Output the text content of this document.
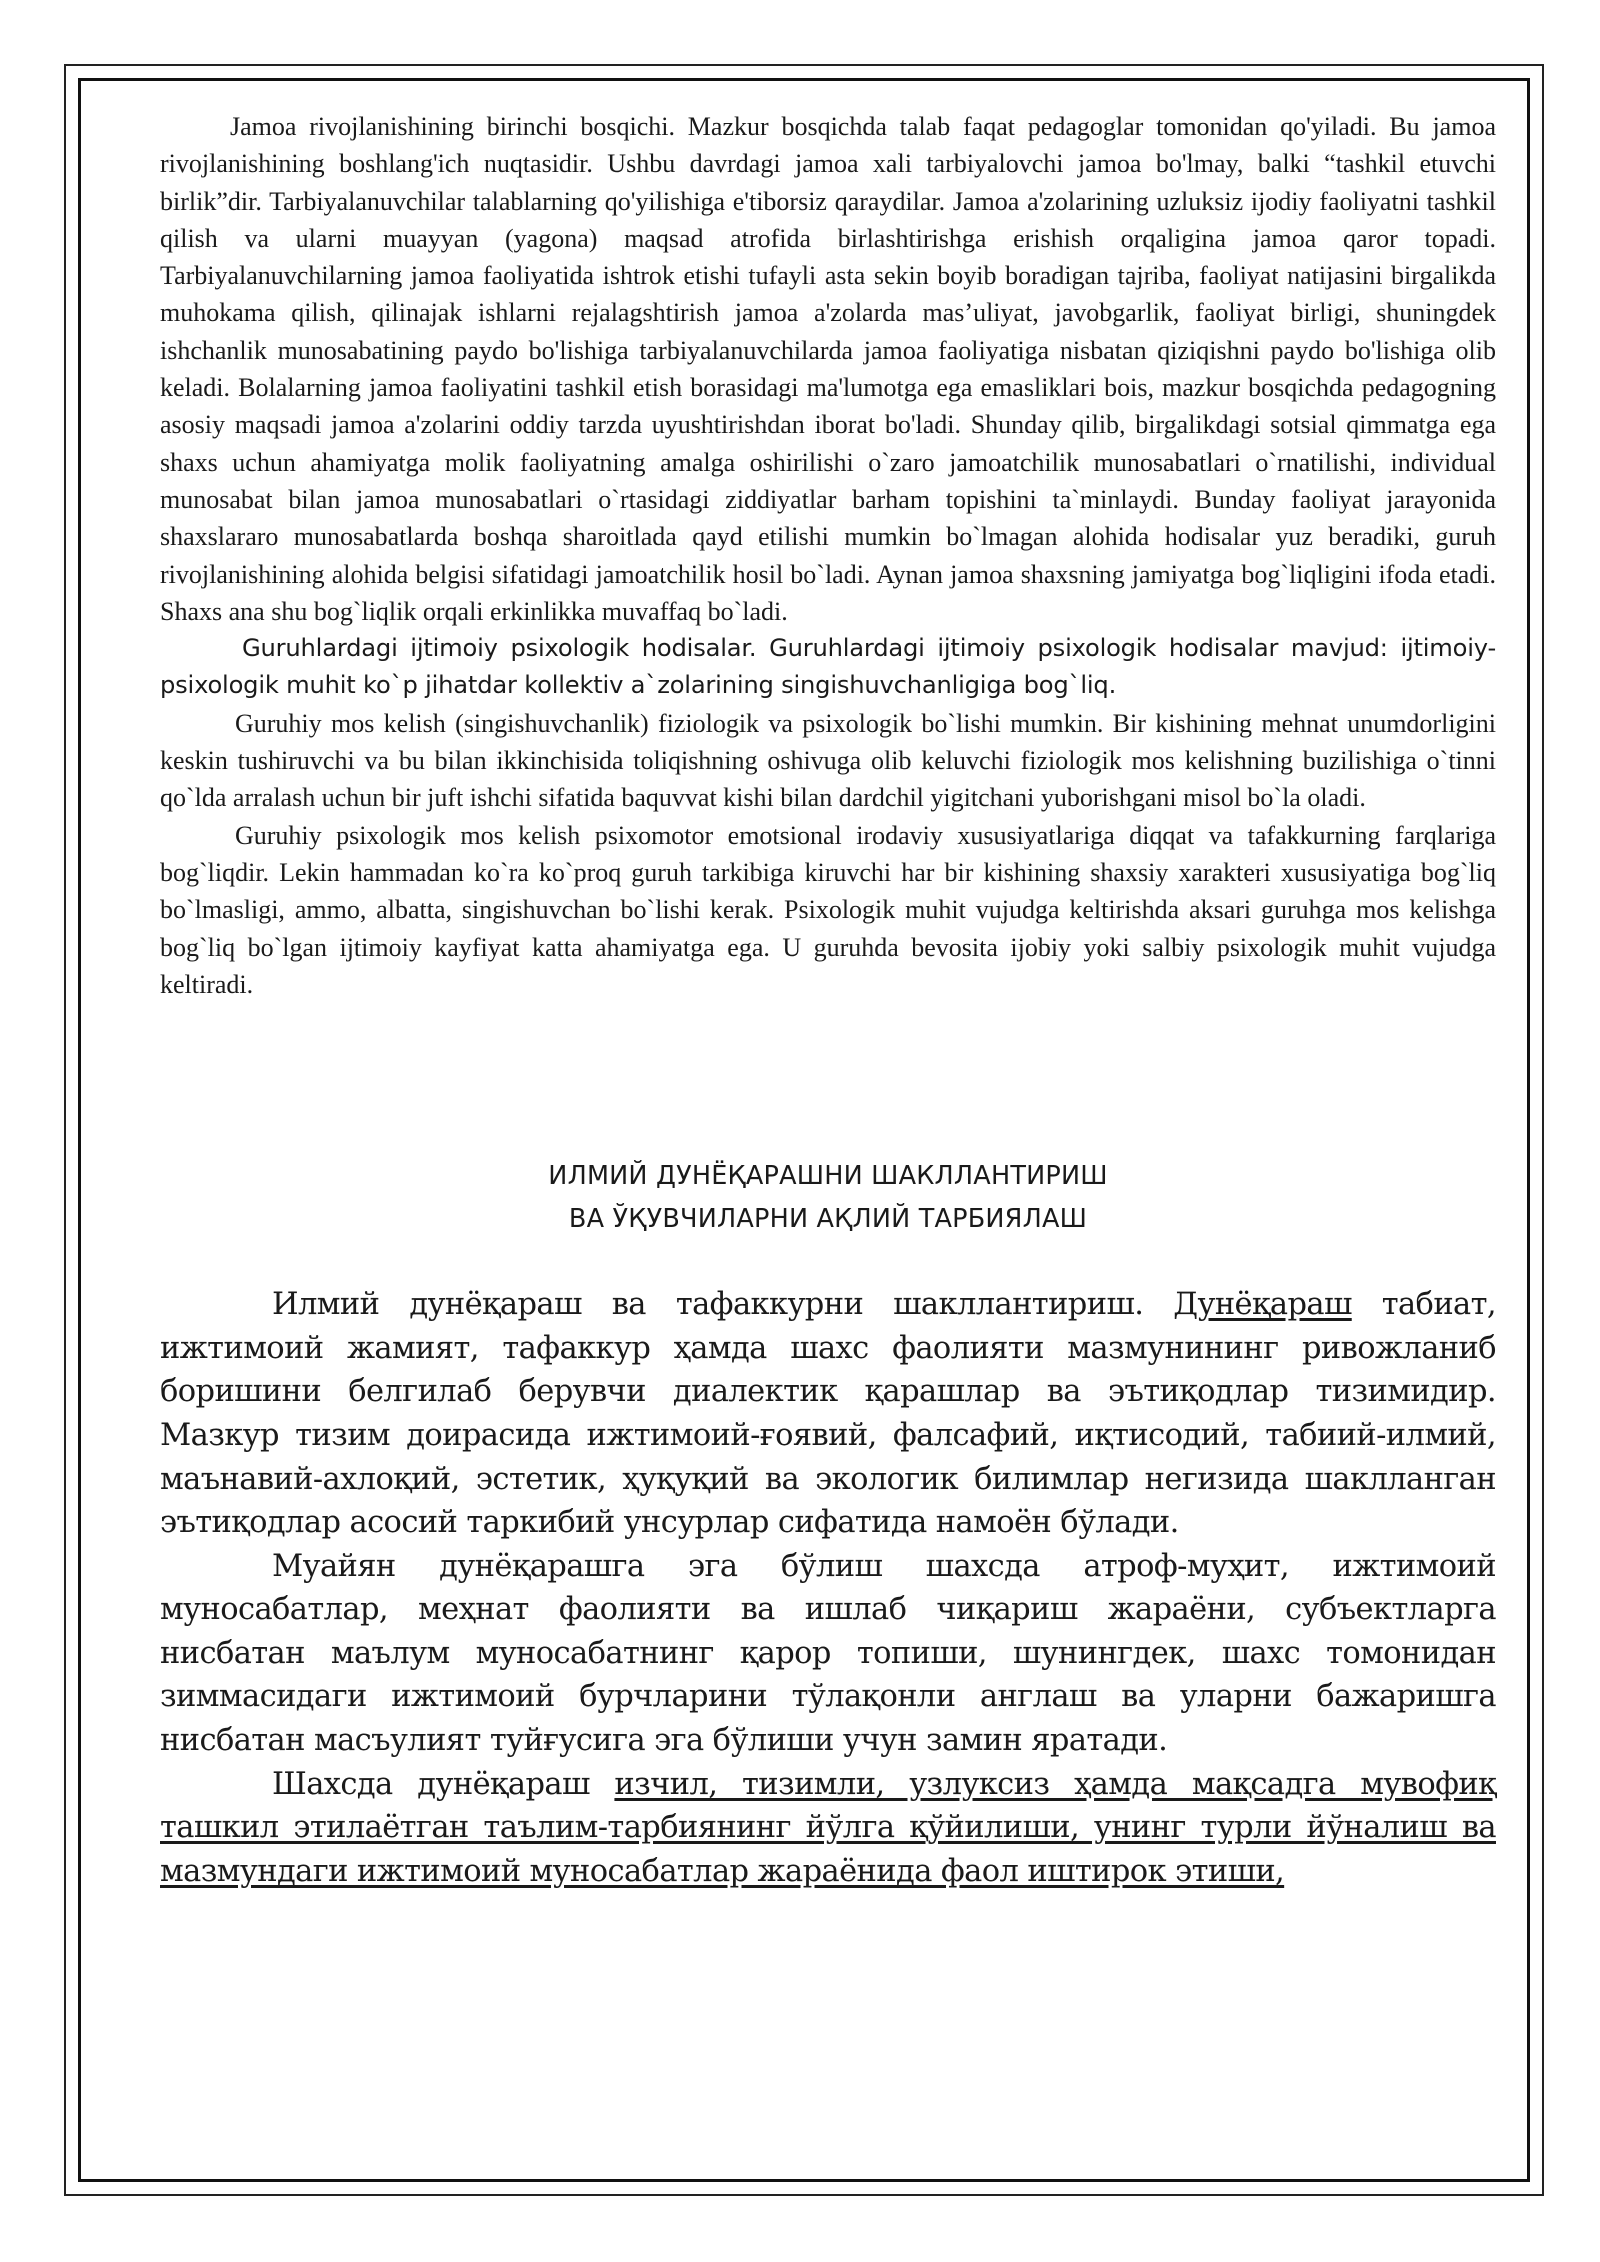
Jamoa rivojlanishining birinchi bosqichi. Mazkur bosqichda talab faqat pedagoglar tomonidan qo'yiladi. Bu jamoa rivojlanishining boshlang'ich nuqtasidir. Ushbu davrdagi jamoa xali tarbiyalovchi jamoa bo'lmay, balki “tashkil etuvchi birlik”dir. Tarbiyalanuvchilar talablarning qo'yilishiga e'tiborsiz qaraydilar. Jamoa a'zolarining uzluksiz ijodiy faoliyatni tashkil qilish va ularni muayyan (yagona) maqsad atrofida birlashtirishga erishish orqaligina jamoa qaror topadi. Tarbiyalanuvchilarning jamoa faoliyatida ishtrok etishi tufayli asta sekin boyib boradigan tajriba, faoliyat natijasini birgalikda muhokama qilish, qilinajak ishlarni rejalagshtirish jamoa a'zolarda mas’uliyat, javobgarlik, faoliyat birligi, shuningdek ishchanlik munosabatining paydo bo'lishiga tarbiyalanuvchilarda jamoa faoliyatiga nisbatan qiziqishni paydo bo'lishiga olib keladi. Bolalarning jamoa faoliyatini tashkil etish borasidagi ma'lumotga ega emasliklari bois, mazkur bosqichda pedagogning asosiy maqsadi jamoa a'zolarini oddiy tarzda uyushtirishdan iborat bo'ladi. Shunday qilib, birgalikdagi sotsial qimmatga ega shaxs uchun ahamiyatga molik faoliyatning amalga oshirilishi o`zaro jamoatchilik munosabatlari o`rnatilishi, individual munosabat bilan jamoa munosabatlari o`rtasidagi ziddiyatlar barham topishini ta`minlaydi. Bunday faoliyat jarayonida shaxslararo munosabatlarda boshqa sharoitlada qayd etilishi mumkin bo`lmagan alohida hodisalar yuz beradiki, guruh rivojlanishining alohida belgisi sifatidagi jamoatchilik hosil bo`ladi. Aynan jamoa shaxsning jamiyatga bog`liqligini ifoda etadi. Shaxs ana shu bog`liqlik orqali erkinlikka muvaffaq bo`ladi.

Guruhlardagi ijtimoiy psixologik hodisalar. Guruhlardagi ijtimoiy psixologik hodisalar mavjud: ijtimoiy-psixologik muhit ko`p jihatdar kollektiv a`zolarining singishuvchanligiga bog`liq.

Guruhiy mos kelish (singishuvchanlik) fiziologik va psixologik bo`lishi mumkin. Bir kishining mehnat unumdorligini keskin tushiruvchi va bu bilan ikkinchisida toliqishning oshivuga olib keluvchi fiziologik mos kelishning buzilishiga o`tinni qo`lda arralash uchun bir juft ishchi sifatida baquvvat kishi bilan dardchil yigitchani yuborishgani misol bo`la oladi.

Guruhiy psixologik mos kelish psixomotor emotsional irodaviy xususiyatlariga diqqat va tafakkurning farqlariga bog`liqdir. Lekin hammadan ko`ra ko`proq guruh tarkibiga kiruvchi har bir kishining shaxsiy xarakteri xususiyatiga bog`liq bo`lmasligi, ammo, albatta, singishuvchan bo`lishi kerak. Psixologik muhit vujudga keltirishda aksari guruhga mos kelishga bog`liq bo`lgan ijtimoiy kayfiyat katta ahamiyatga ega. U guruhda bevosita ijobiy yoki salbiy psixologik muhit vujudga keltiradi.

ИЛМИЙ ДУНЁҚАРАШНИ ШАКЛЛАНТИРИШ
ВА ЎҚУВЧИЛАРНИ АҚЛИЙ ТАРБИЯЛАШ

Илмий дунёқараш ва тафаккурни шакллантириш. Дунёқараш табиат, ижтимоий жамият, тафаккур ҳамда шахс фаолияти мазмунининг ривожланиб боришини белгилаб берувчи диалектик қарашлар ва эътиқодлар тизимидир. Мазкур тизим доирасида ижтимоий-ғоявий, фалсафий, иқтисодий, табиий-илмий, маънавий-ахлоқий, эстетик, ҳуқуқий ва экологик билимлар негизида шаклланган эътиқодлар асосий таркибий унсурлар сифатида намоён бўлади.

Муайян дунёқарашга эга бўлиш шахсда атроф-муҳит, ижтимоий муносабатлар, меҳнат фаолияти ва ишлаб чиқариш жараёни, субъектларга нисбатан маълум муносабатнинг қарор топиши, шунингдек, шахс томонидан зиммасидаги ижтимоий бурчларини тўлақонли англаш ва уларни бажаришга нисбатан масъулият туйғусига эга бўлиши учун замин яратади.

Шахсда дунёқараш изчил, тизимли, узлуксиз ҳамда мақсадга мувофиқ ташкил этилаётган таълим-тарбиянинг йўлга қўйилиши, унинг турли йўналиш ва мазмундаги ижтимоий муносабатлар жараёнида фаол иштирок этиши,
